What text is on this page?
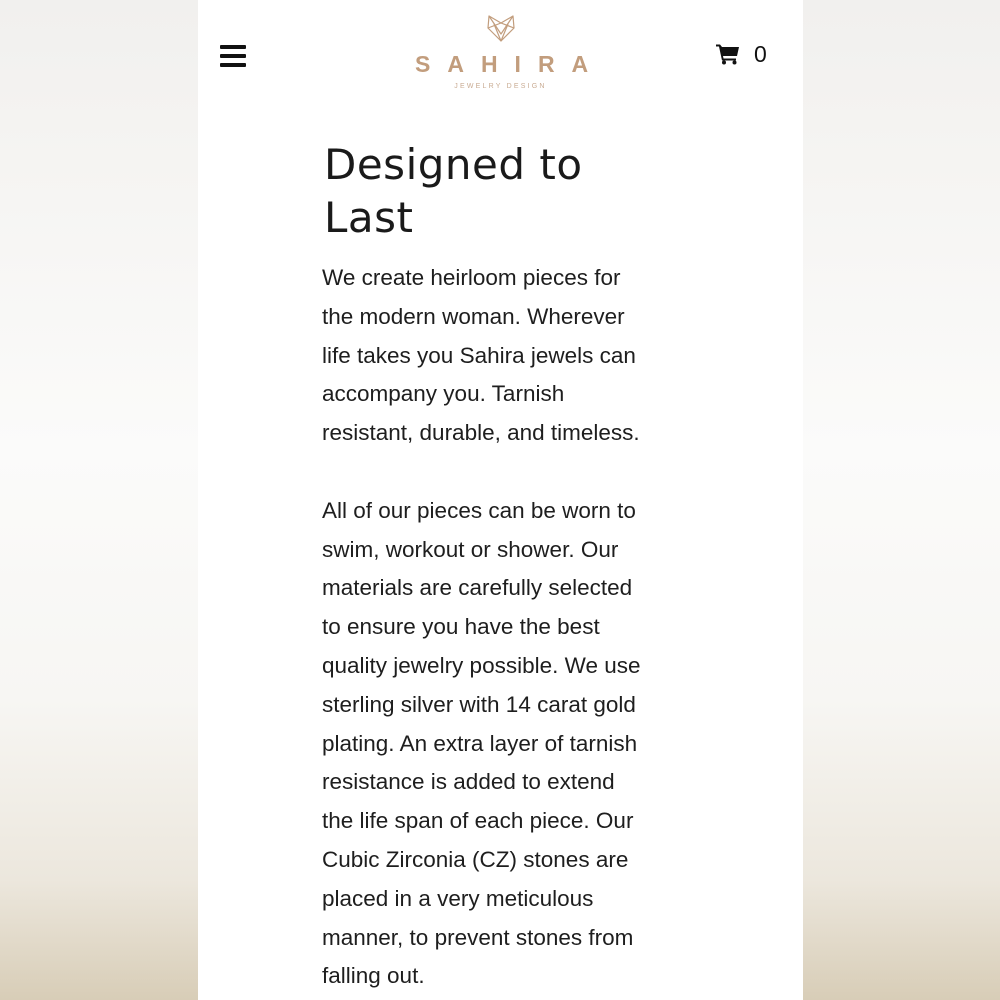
SAHIRA
JEWELRY DESIGN
0
Designed to
Last

We create heirloom pieces for
the modern woman. Wherever
life takes you Sahira jewels can
accompany you. Tarnish
resistant, durable, and timeless.

All of our pieces can be worn to
swim, workout or shower. Our
materials are carefully selected
to ensure you have the best
quality jewelry possible. We use
sterling silver with 14 carat gold
plating. An extra layer of tarnish
resistance is added to extend
the life span of each piece. Our
Cubic Zirconia (CZ) stones are
placed in a very meticulous
manner, to prevent stones from
falling out.
